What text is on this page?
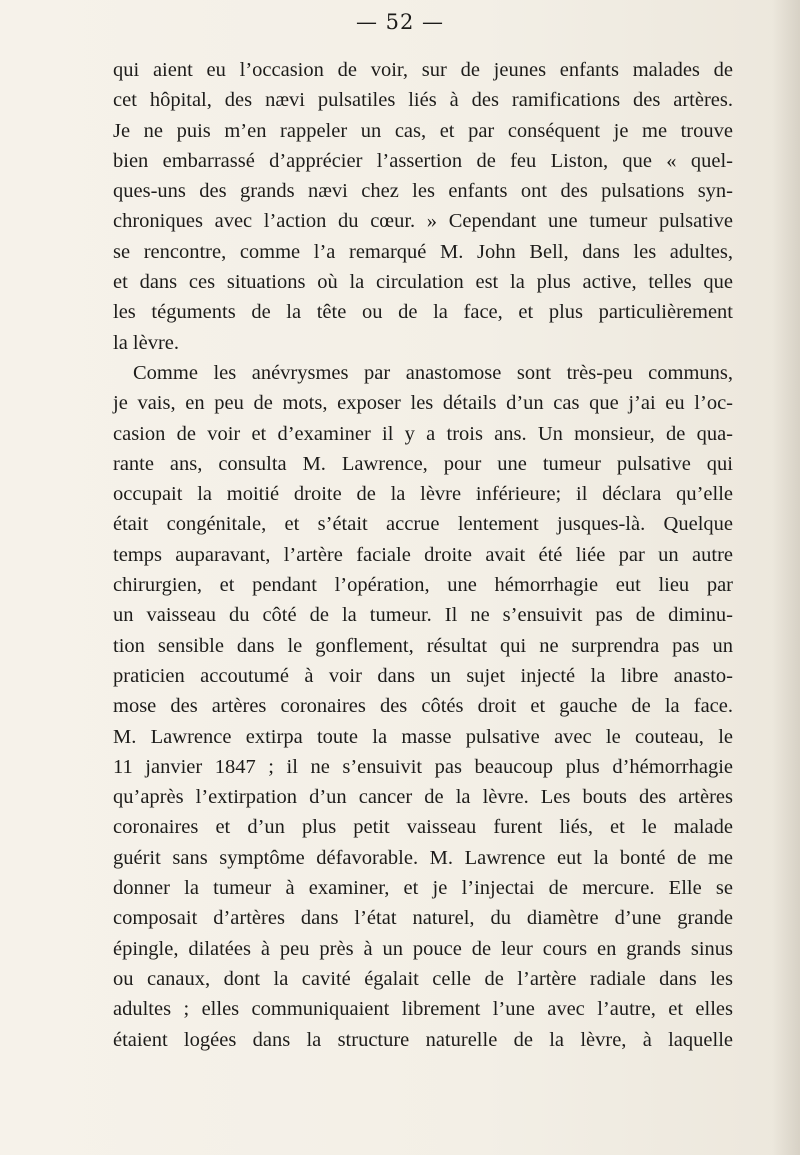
— 52 —
qui aient eu l’occasion de voir, sur de jeunes enfants malades de
cet hôpital, des nævi pulsatiles liés à des ramifications des artères.
Je ne puis m’en rappeler un cas, et par conséquent je me trouve
bien embarrassé d’apprécier l’assertion de feu Liston, que « quel-
ques-uns des grands nævi chez les enfants ont des pulsations syn-
chroniques avec l’action du cœur. » Cependant une tumeur pulsative
se rencontre, comme l’a remarqué M. John Bell, dans les adultes,
et dans ces situations où la circulation est la plus active, telles que
les téguments de la tête ou de la face, et plus particulièrement
la lèvre.
Comme les anévrysmes par anastomose sont très-peu communs,
je vais, en peu de mots, exposer les détails d’un cas que j’ai eu l’oc-
casion de voir et d’examiner il y a trois ans. Un monsieur, de qua-
rante ans, consulta M. Lawrence, pour une tumeur pulsative qui
occupait la moitié droite de la lèvre inférieure; il déclara qu’elle
était congénitale, et s’était accrue lentement jusques-là. Quelque
temps auparavant, l’artère faciale droite avait été liée par un autre
chirurgien, et pendant l’opération, une hémorrhagie eut lieu par
un vaisseau du côté de la tumeur. Il ne s’ensuivit pas de diminu-
tion sensible dans le gonflement, résultat qui ne surprendra pas un
praticien accoutumé à voir dans un sujet injecté la libre anasto-
mose des artères coronaires des côtés droit et gauche de la face.
M. Lawrence extirpa toute la masse pulsative avec le couteau, le
11 janvier 1847 ; il ne s’ensuivit pas beaucoup plus d’hémorrhagie
qu’après l’extirpation d’un cancer de la lèvre. Les bouts des artères
coronaires et d’un plus petit vaisseau furent liés, et le malade
guérit sans symptôme défavorable. M. Lawrence eut la bonté de me
donner la tumeur à examiner, et je l’injectai de mercure. Elle se
composait d’artères dans l’état naturel, du diamètre d’une grande
épingle, dilatées à peu près à un pouce de leur cours en grands sinus
ou canaux, dont la cavité égalait celle de l’artère radiale dans les
adultes ; elles communiquaient librement l’une avec l’autre, et elles
étaient logées dans la structure naturelle de la lèvre, à laquelle
